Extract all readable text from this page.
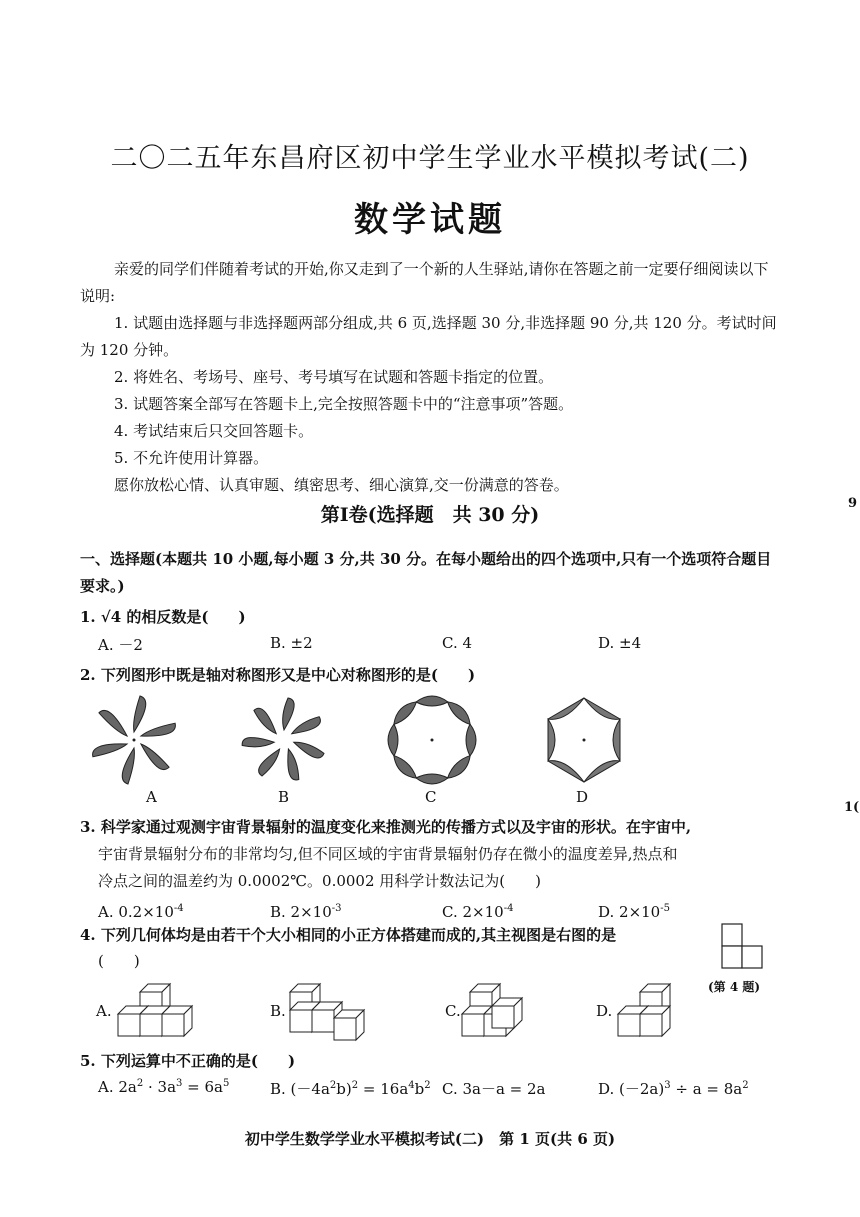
二〇二五年东昌府区初中学生学业水平模拟考试(二)
数学试题

亲爱的同学们伴随着考试的开始,你又走到了一个新的人生驿站,请你在答题之前一定要仔细阅读以下说明:

1. 试题由选择题与非选择题两部分组成,共 6 页,选择题 30 分,非选择题 90 分,共 120 分。考试时间为 120 分钟。

2. 将姓名、考场号、座号、考号填写在试题和答题卡指定的位置。

3. 试题答案全部写在答题卡上,完全按照答题卡中的“注意事项”答题。

4. 考试结束后只交回答题卡。

5. 不允许使用计算器。

愿你放松心情、认真审题、缜密思考、细心演算,交一份满意的答卷。

第Ⅰ卷(选择题　共 30 分)
一、选择题(本题共 10 小题,每小题 3 分,共 30 分。在每小题给出的四个选项中,只有一个选项符合题目要求。)
1. √4 的相反数是(　　)
A. －2	B. ±2	C. 4	D. ±4
2. 下列图形中既是轴对称图形又是中心对称图形的是(　　)
A	B	C	D
3. 科学家通过观测宇宙背景辐射的温度变化来推测光的传播方式以及宇宙的形状。在宇宙中,
宇宙背景辐射分布的非常均匀,但不同区域的宇宙背景辐射仍存在微小的温度差异,热点和
冷点之间的温差约为 0.0002℃。0.0002 用科学计数法记为(　　)
A. $0.2\times 10^{-4}$	B. $2\times 10^{-3}$	C. $2\times 10^{-4}$	D. $2\times 10^{-5}$
4. 下列几何体均是由若干个大小相同的小正方体搭建而成的,其主视图是右图的是
(　　)
(第 4 题)
A.	B.	C.	D.
5. 下列运算中不正确的是(　　)
A. $2a^2 \cdot 3a^3 = 6a^5$	B. $(-4a^2b)^2 = 16a^4b^2$ C. 3a－a = 2a	D. $(-2a)^3 \div a = 8a^2$
初中学生数学学业水平模拟考试(二)　第 1 页(共 6 页)
9
1(
